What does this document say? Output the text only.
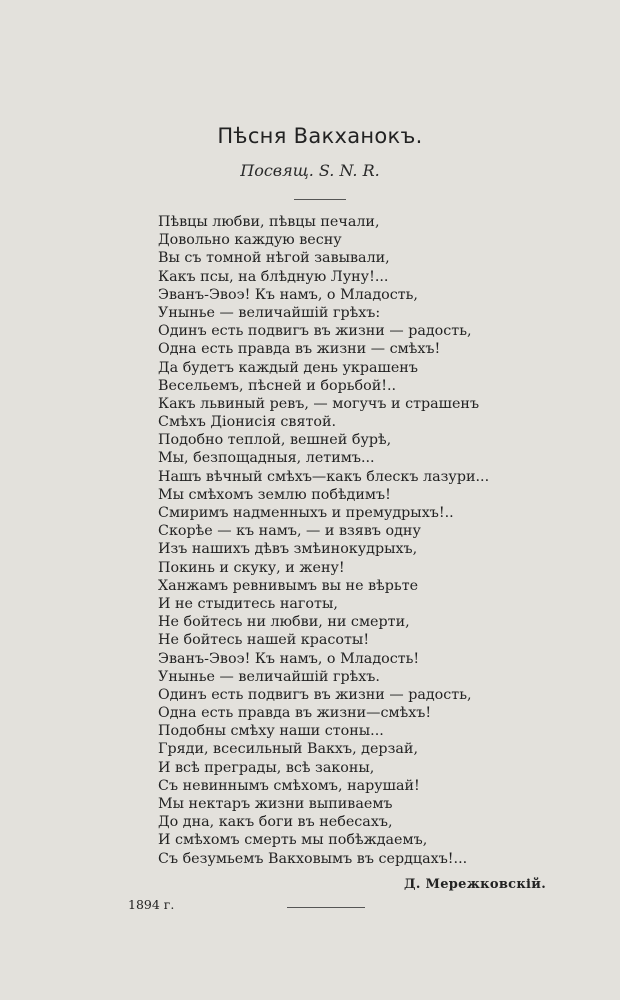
Пѣсня Вакханокъ.
Посвящ. S. N. R.
Пѣвцы любви, пѣвцы печали,
Довольно каждую весну
Вы съ томной нѣгой завывали,
Какъ псы, на блѣдную Луну!...
Эванъ-Эвоэ! Къ намъ, о Младость,
Унынье — величайшій грѣхъ:
Одинъ есть подвигъ въ жизни — радость,
Одна есть правда въ жизни — смѣхъ!
Да будетъ каждый день украшенъ
Весельемъ, пѣсней и борьбой!..
Какъ львиный ревъ, — могучъ и страшенъ
Смѣхъ Діонисія святой.
Подобно теплой, вешней бурѣ,
Мы, безпощадныя, летимъ...
Нашъ вѣчный смѣхъ—какъ блескъ лазури...
Мы смѣхомъ землю побѣдимъ!
Смиримъ надменныхъ и премудрыхъ!..
Скорѣе — къ намъ, — и взявъ одну
Изъ нашихъ дѣвъ змѣинокудрыхъ,
Покинь и скуку, и жену!
Ханжамъ ревнивымъ вы не вѣрьте
И не стыдитесь наготы,
Не бойтесь ни любви, ни смерти,
Не бойтесь нашей красоты!
Эванъ-Эвоэ! Къ намъ, о Младость!
Унынье — величайшій грѣхъ.
Одинъ есть подвигъ въ жизни — радость,
Одна есть правда въ жизни—смѣхъ!
Подобны смѣху наши стоны...
Гряди, всесильный Вакхъ, дерзай,
И всѣ преграды, всѣ законы,
Съ невиннымъ смѣхомъ, нарушай!
Мы нектаръ жизни выпиваемъ
До дна, какъ боги въ небесахъ,
И смѣхомъ смерть мы побѣждаемъ,
Съ безумьемъ Вакховымъ въ сердцахъ!...
Д. Мережковскій.
1894 г.
